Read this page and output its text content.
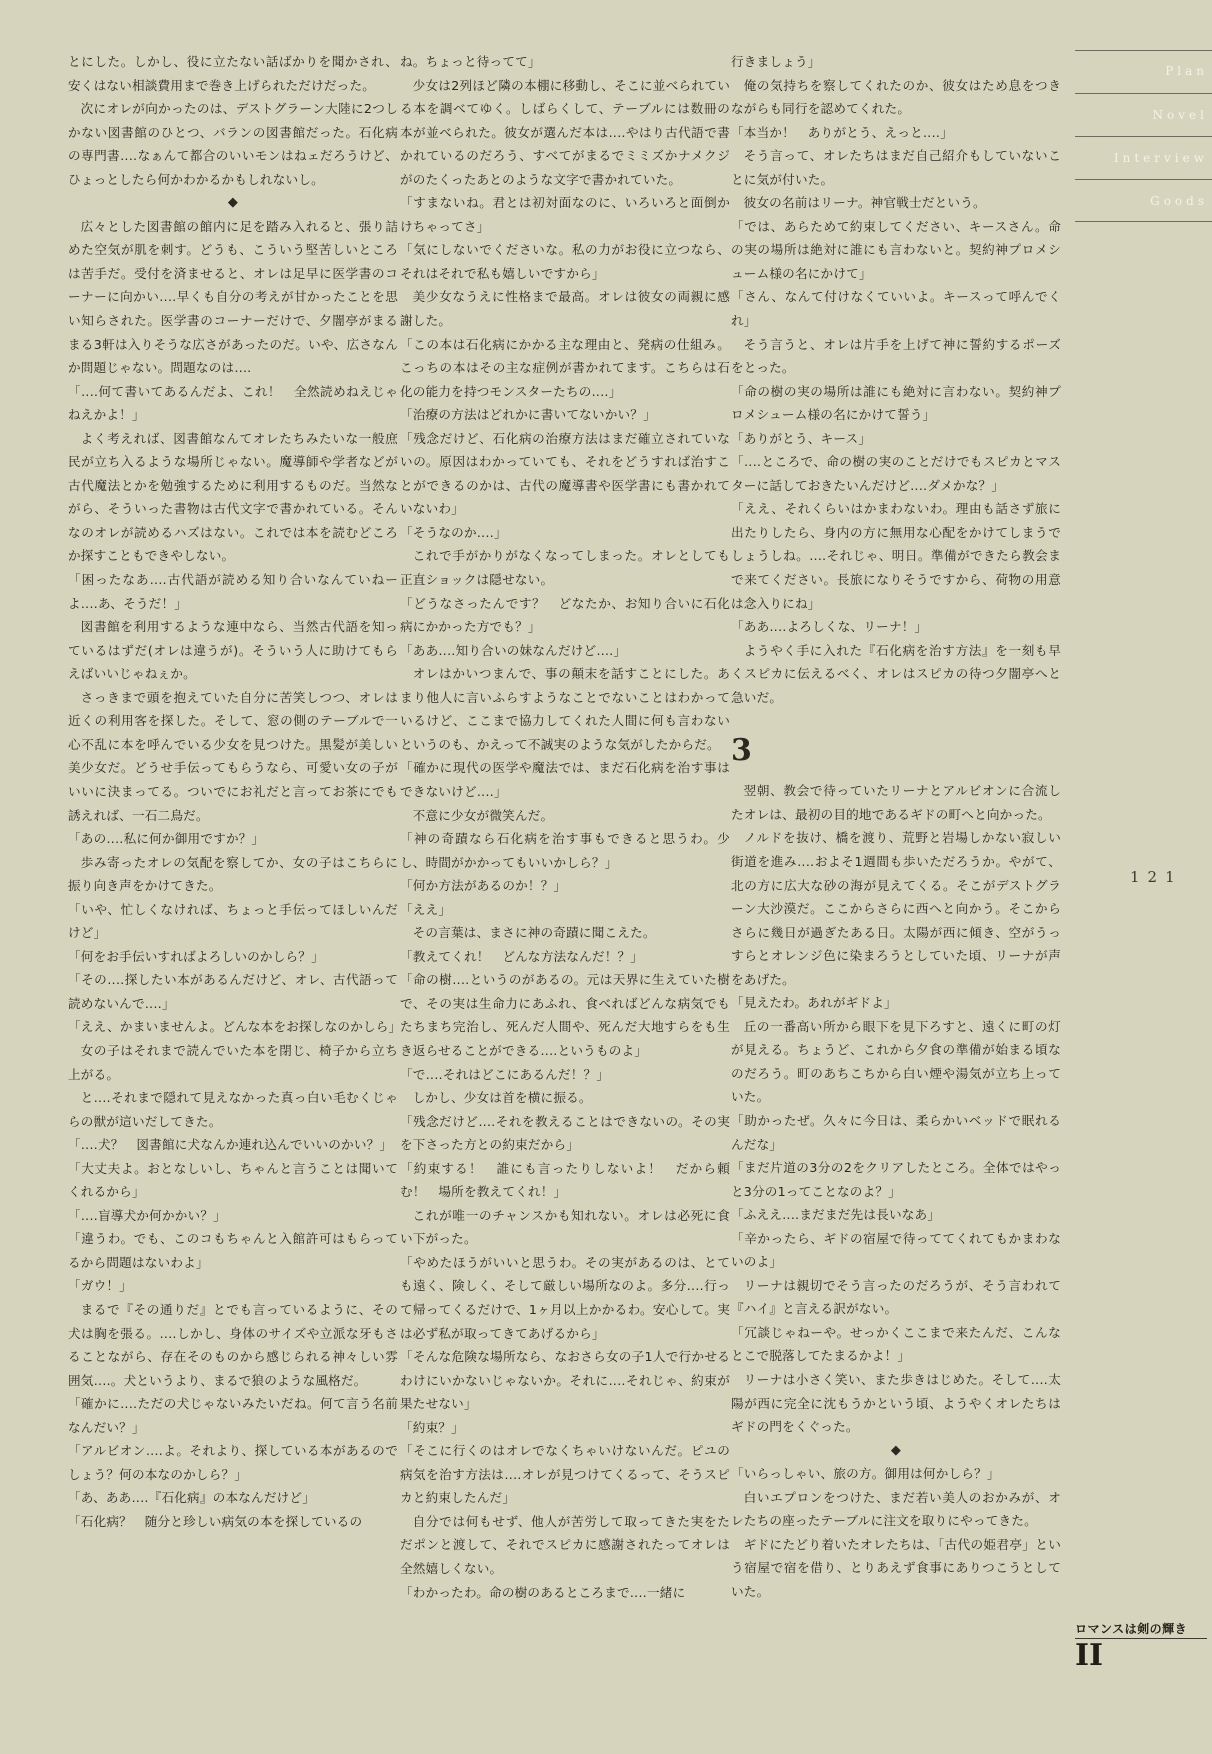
とにした。しかし、役に立たない話ばかりを聞かされ、安くはない相談費用まで巻き上げられただけだった。

次にオレが向かったのは、デストグラーン大陸に2つしかない図書館のひとつ、バランの図書館だった。石化病の専門書‥‥なぁんて都合のいいモンはねェだろうけど、ひょっとしたら何かわかるかもしれないし。

◆

広々とした図書館の館内に足を踏み入れると、張り詰めた空気が肌を刺す。どうも、こういう堅苦しいところは苦手だ。受付を済ませると、オレは足早に医学書のコーナーに向かい‥‥早くも自分の考えが甘かったことを思い知らされた。医学書のコーナーだけで、夕闇亭がまるまる3軒は入りそうな広さがあったのだ。いや、広さなんか問題じゃない。問題なのは‥‥

「‥‥何て書いてあるんだよ、これ！　全然読めねえじゃねえかよ！」

よく考えれば、図書館なんてオレたちみたいな一般庶民が立ち入るような場所じゃない。魔導師や学者などが古代魔法とかを勉強するために利用するものだ。当然ながら、そういった書物は古代文字で書かれている。そんなのオレが読めるハズはない。これでは本を読むどころか探すこともできやしない。

「困ったなあ‥‥古代語が読める知り合いなんていねーよ‥‥あ、そうだ！」

図書館を利用するような連中なら、当然古代語を知っているはずだ(オレは違うが)。そういう人に助けてもらえばいいじゃねぇか。

さっきまで頭を抱えていた自分に苦笑しつつ、オレは近くの利用客を探した。そして、窓の側のテーブルで一心不乱に本を呼んでいる少女を見つけた。黒髪が美しい美少女だ。どうせ手伝ってもらうなら、可愛い女の子がいいに決まってる。ついでにお礼だと言ってお茶にでも誘えれば、一石二鳥だ。

「あの‥‥私に何か御用ですか？」

歩み寄ったオレの気配を察してか、女の子はこちらに振り向き声をかけてきた。

「いや、忙しくなければ、ちょっと手伝ってほしいんだけど」

「何をお手伝いすればよろしいのかしら？」

「その‥‥探したい本があるんだけど、オレ、古代語って読めないんで‥‥」

「ええ、かまいませんよ。どんな本をお探しなのかしら」

女の子はそれまで読んでいた本を閉じ、椅子から立ち上がる。

と‥‥それまで隠れて見えなかった真っ白い毛むくじゃらの獣が這いだしてきた。

「‥‥犬？　図書館に犬なんか連れ込んでいいのかい？」

「大丈夫よ。おとなしいし、ちゃんと言うことは聞いてくれるから」

「‥‥盲導犬か何かかい？」

「違うわ。でも、このコもちゃんと入館許可はもらってるから問題はないわよ」

「ガウ！」

まるで『その通りだ』とでも言っているように、その犬は胸を張る。‥‥しかし、身体のサイズや立派な牙もさることながら、存在そのものから感じられる神々しい雰囲気‥‥。犬というより、まるで狼のような風格だ。

「確かに‥‥ただの犬じゃないみたいだね。何て言う名前なんだい？」

「アルビオン‥‥よ。それより、探している本があるのでしょう？何の本なのかしら？」

「あ、ああ‥‥『石化病』の本なんだけど」

「石化病？　随分と珍しい病気の本を探しているの

ね。ちょっと待ってて」

少女は2列ほど隣の本棚に移動し、そこに並べられている本を調べてゆく。しばらくして、テーブルには数冊の本が並べられた。彼女が選んだ本は‥‥やはり古代語で書かれているのだろう、すべてがまるでミミズかナメクジがのたくったあとのような文字で書かれていた。

「すまないね。君とは初対面なのに、いろいろと面倒かけちゃってさ」

「気にしないでくださいな。私の力がお役に立つなら、それはそれで私も嬉しいですから」

美少女なうえに性格まで最高。オレは彼女の両親に感謝した。

「この本は石化病にかかる主な理由と、発病の仕組み。こっちの本はその主な症例が書かれてます。こちらは石化の能力を持つモンスターたちの‥‥」

「治療の方法はどれかに書いてないかい？」

「残念だけど、石化病の治療方法はまだ確立されていないの。原因はわかっていても、それをどうすれば治すことができるのかは、古代の魔導書や医学書にも書かれていないわ」

「そうなのか‥‥」

これで手がかりがなくなってしまった。オレとしても正直ショックは隠せない。

「どうなさったんです？　どなたか、お知り合いに石化病にかかった方でも？」

「ああ‥‥知り合いの妹なんだけど‥‥」

オレはかいつまんで、事の顛末を話すことにした。あまり他人に言いふらすようなことでないことはわかっているけど、ここまで協力してくれた人間に何も言わないというのも、かえって不誠実のような気がしたからだ。

「確かに現代の医学や魔法では、まだ石化病を治す事はできないけど‥‥」

不意に少女が微笑んだ。

「神の奇蹟なら石化病を治す事もできると思うわ。少し、時間がかかってもいいかしら？」

「何か方法があるのか！？」

「ええ」

その言葉は、まさに神の奇蹟に聞こえた。

「教えてくれ！　どんな方法なんだ！？」

「命の樹‥‥というのがあるの。元は天界に生えていた樹で、その実は生命力にあふれ、食べればどんな病気でもたちまち完治し、死んだ人間や、死んだ大地すらをも生き返らせることができる‥‥というものよ」

「で‥‥それはどこにあるんだ！？」

しかし、少女は首を横に振る。

「残念だけど‥‥それを教えることはできないの。その実を下さった方との約束だから」

「約束する！　誰にも言ったりしないよ！　だから頼む！　場所を教えてくれ！」

これが唯一のチャンスかも知れない。オレは必死に食い下がった。

「やめたほうがいいと思うわ。その実があるのは、とても遠く、険しく、そして厳しい場所なのよ。多分‥‥行って帰ってくるだけで、1ヶ月以上かかるわ。安心して。実は必ず私が取ってきてあげるから」

「そんな危険な場所なら、なおさら女の子1人で行かせるわけにいかないじゃないか。それに‥‥それじゃ、約束が果たせない」

「約束？」

「そこに行くのはオレでなくちゃいけないんだ。ピユの病気を治す方法は‥‥オレが見つけてくるって、そうスピカと約束したんだ」

自分では何もせず、他人が苦労して取ってきた実をただポンと渡して、それでスピカに感謝されたってオレは全然嬉しくない。

「わかったわ。命の樹のあるところまで‥‥一緒に

行きましょう」

俺の気持ちを察してくれたのか、彼女はため息をつきながらも同行を認めてくれた。

「本当か！　ありがとう、えっと‥‥」

そう言って、オレたちはまだ自己紹介もしていないことに気が付いた。

彼女の名前はリーナ。神官戦士だという。

「では、あらためて約束してください、キースさん。命の実の場所は絶対に誰にも言わないと。契約神プロメシューム様の名にかけて」

「さん、なんて付けなくていいよ。キースって呼んでくれ」

そう言うと、オレは片手を上げて神に誓約するポーズをとった。

「命の樹の実の場所は誰にも絶対に言わない。契約神プロメシューム様の名にかけて誓う」

「ありがとう、キース」

「‥‥ところで、命の樹の実のことだけでもスピカとマスターに話しておきたいんだけど‥‥ダメかな？」

「ええ、それくらいはかまわないわ。理由も話さず旅に出たりしたら、身内の方に無用な心配をかけてしまうでしょうしね。‥‥それじゃ、明日。準備ができたら教会まで来てください。長旅になりそうですから、荷物の用意は念入りにね」

「ああ‥‥よろしくな、リーナ！」

ようやく手に入れた『石化病を治す方法』を一刻も早くスピカに伝えるべく、オレはスピカの待つ夕闇亭へと急いだ。

3

翌朝、教会で待っていたリーナとアルビオンに合流したオレは、最初の目的地であるギドの町へと向かった。

ノルドを抜け、橋を渡り、荒野と岩場しかない寂しい街道を進み‥‥およそ1週間も歩いただろうか。やがて、北の方に広大な砂の海が見えてくる。そこがデストグラーン大沙漠だ。ここからさらに西へと向かう。そこからさらに幾日が過ぎたある日。太陽が西に傾き、空がうっすらとオレンジ色に染まろうとしていた頃、リーナが声をあげた。

「見えたわ。あれがギドよ」

丘の一番高い所から眼下を見下ろすと、遠くに町の灯が見える。ちょうど、これから夕食の準備が始まる頃なのだろう。町のあちこちから白い煙や湯気が立ち上っていた。

「助かったぜ。久々に今日は、柔らかいベッドで眠れるんだな」

「まだ片道の3分の2をクリアしたところ。全体ではやっと3分の1ってことなのよ？」

「ふええ‥‥まだまだ先は長いなあ」

「辛かったら、ギドの宿屋で待っててくれてもかまわないのよ」

リーナは親切でそう言ったのだろうが、そう言われて『ハイ』と言える訳がない。

「冗談じゃねーや。せっかくここまで来たんだ、こんなとこで脱落してたまるかよ！」

リーナは小さく笑い、また歩きはじめた。そして‥‥太陽が西に完全に沈もうかという頃、ようやくオレたちはギドの門をくぐった。

◆

「いらっしゃい、旅の方。御用は何かしら？」

白いエプロンをつけた、まだ若い美人のおかみが、オレたちの座ったテーブルに注文を取りにやってきた。

ギドにたどり着いたオレたちは、「古代の姫君亭」という宿屋で宿を借り、とりあえず食事にありつこうとしていた。

Plan
Novel
Interview
Goods
121
ロマンスは剣の輝き
II
